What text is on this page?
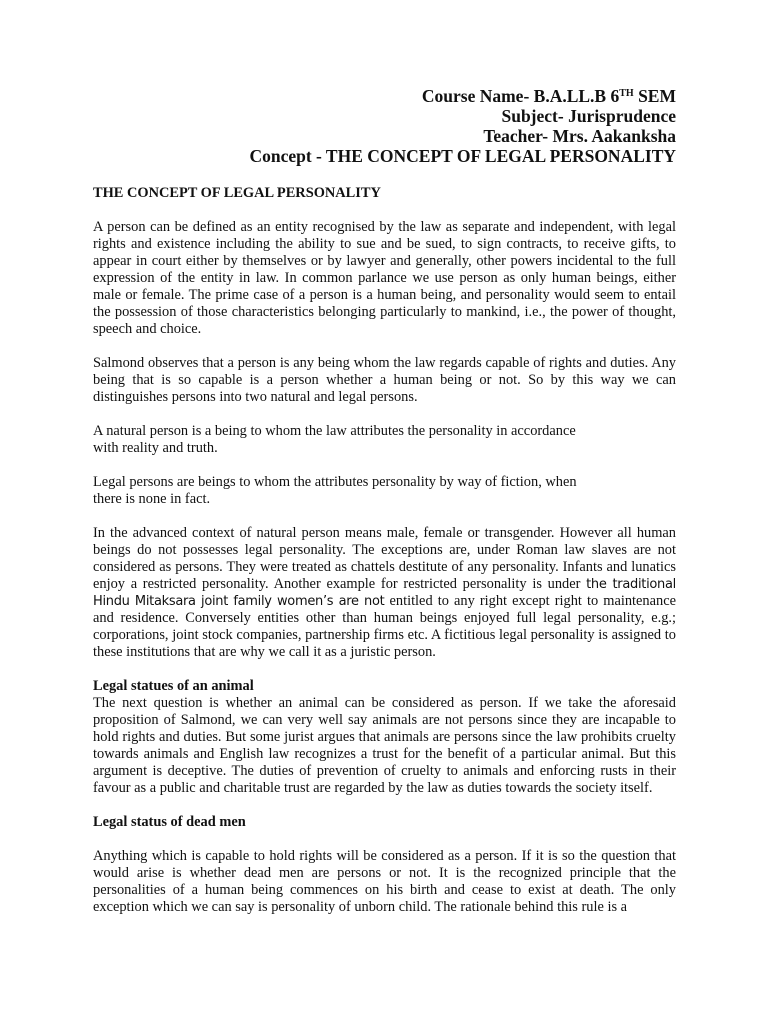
Course Name- B.A.LL.B 6TH SEM
Subject- Jurisprudence
Teacher- Mrs. Aakanksha
Concept - THE CONCEPT OF LEGAL PERSONALITY

THE CONCEPT OF LEGAL PERSONALITY

A person can be defined as an entity recognised by the law as separate and independent, with legal rights and existence including the ability to sue and be sued, to sign contracts, to receive gifts, to appear in court either by themselves or by lawyer and generally, other powers incidental to the full expression of the entity in law. In common parlance we use person as only human beings, either male or female. The prime case of a person is a human being, and personality would seem to entail the possession of those characteristics belonging particularly to mankind, i.e., the power of thought, speech and choice.

Salmond observes that a person is any being whom the law regards capable of rights and duties. Any being that is so capable is a person whether a human being or not. So by this way we can distinguishes persons into two natural and legal persons.

A natural person is a being to whom the law attributes the personality in accordance
with reality and truth.

Legal persons are beings to whom the attributes personality by way of fiction, when
there is none in fact.

In the advanced context of natural person means male, female or transgender. However all human beings do not possesses legal personality. The exceptions are, under Roman law slaves are not considered as persons. They were treated as chattels destitute of any personality. Infants and lunatics enjoy a restricted personality. Another example for restricted personality is under the traditional Hindu Mitaksara joint family women’s are not entitled to any right except right to maintenance and residence. Conversely entities other than human beings enjoyed full legal personality, e.g.; corporations, joint stock companies, partnership firms etc. A fictitious legal personality is assigned to these institutions that are why we call it as a juristic person.

Legal statues of an animal

The next question is whether an animal can be considered as person. If we take the aforesaid proposition of Salmond, we can very well say animals are not persons since they are incapable to hold rights and duties. But some jurist argues that animals are persons since the law prohibits cruelty towards animals and English law recognizes a trust for the benefit of a particular animal. But this argument is deceptive. The duties of prevention of cruelty to animals and enforcing rusts in their favour as a public and charitable trust are regarded by the law as duties towards the society itself.

Legal status of dead men

Anything which is capable to hold rights will be considered as a person. If it is so the question that would arise is whether dead men are persons or not. It is the recognized principle that the personalities of a human being commences on his birth and cease to exist at death. The only exception which we can say is personality of unborn child. The rationale behind this rule is a
